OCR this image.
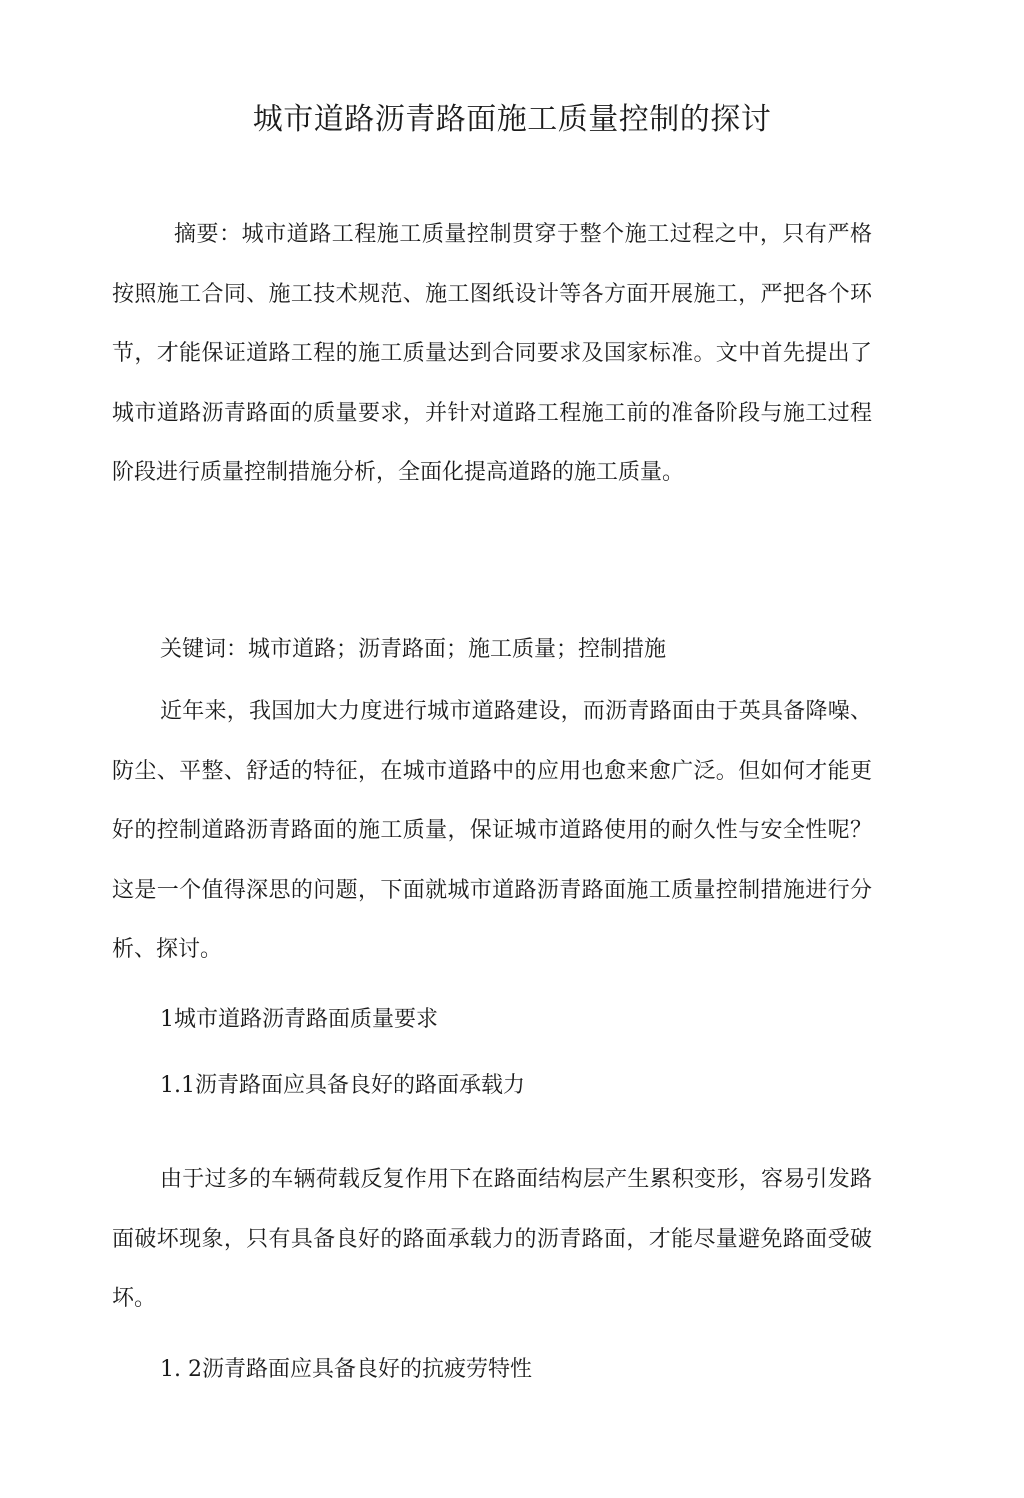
城市道路沥青路面施工质量控制的探讨

摘要：城市道路工程施工质量控制贯穿于整个施工过程之中，只有严格按照施工合同、施工技术规范、施工图纸设计等各方面开展施工，严把各个环节，才能保证道路工程的施工质量达到合同要求及国家标准。文中首先提出了城市道路沥青路面的质量要求，并针对道路工程施工前的准备阶段与施工过程阶段进行质量控制措施分析，全面化提高道路的施工质量。

关键词：城市道路；沥青路面；施工质量；控制措施

近年来，我国加大力度进行城市道路建设，而沥青路面由于英具备降噪、防尘、平整、舒适的特征，在城市道路中的应用也愈来愈广泛。但如何才能更好的控制道路沥青路面的施工质量，保证城市道路使用的耐久性与安全性呢？这是一个值得深思的问题，下面就城市道路沥青路面施工质量控制措施进行分析、探讨。

1城市道路沥青路面质量要求

1.1沥青路面应具备良好的路面承载力

由于过多的车辆荷载反复作用下在路面结构层产生累积变形，容易引发路面破坏现象，只有具备良好的路面承载力的沥青路面，才能尽量避免路面受破坏。

1. 2沥青路面应具备良好的抗疲劳特性
